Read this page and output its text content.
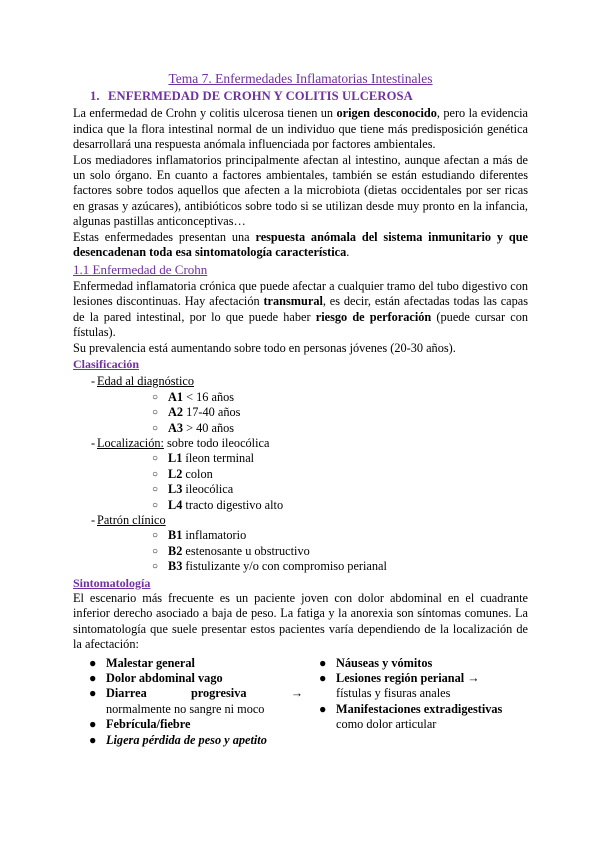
Tema 7. Enfermedades Inflamatorias Intestinales
1. ENFERMEDAD DE CROHN Y COLITIS ULCEROSA

La enfermedad de Crohn y colitis ulcerosa tienen un origen desconocido, pero la evidencia indica que la flora intestinal normal de un individuo que tiene más predisposición genética desarrollará una respuesta anómala influenciada por factores ambientales.

Los mediadores inflamatorios principalmente afectan al intestino, aunque afectan a más de un solo órgano. En cuanto a factores ambientales, también se están estudiando diferentes factores sobre todos aquellos que afecten a la microbiota (dietas occidentales por ser ricas en grasas y azúcares), antibióticos sobre todo si se utilizan desde muy pronto en la infancia, algunas pastillas anticonceptivas…

Estas enfermedades presentan una respuesta anómala del sistema inmunitario y que desencadenan toda esa sintomatología característica.

1.1 Enfermedad de Crohn

Enfermedad inflamatoria crónica que puede afectar a cualquier tramo del tubo digestivo con lesiones discontinuas. Hay afectación transmural, es decir, están afectadas todas las capas de la pared intestinal, por lo que puede haber riesgo de perforación (puede cursar con fístulas).

Su prevalencia está aumentando sobre todo en personas jóvenes (20-30 años).

Clasificación
- Edad al diagnóstico
○ A1 < 16 años
○ A2 17-40 años
○ A3 > 40 años
- Localización: sobre todo ileocólica
○ L1 íleon terminal
○ L2 colon
○ L3 ileocólica
○ L4 tracto digestivo alto
- Patrón clínico
○ B1 inflamatorio
○ B2 estenosante u obstructivo
○ B3 fistulizante y/o con compromiso perianal
Sintomatología

El escenario más frecuente es un paciente joven con dolor abdominal en el cuadrante inferior derecho asociado a baja de peso. La fatiga y la anorexia son síntomas comunes. La sintomatología que suele presentar estos pacientes varía dependiendo de la localización de la afectación:

● Malestar general
● Dolor abdominal vago
● Diarrea	progresiva	→
normalmente no sangre ni moco
● Febrícula/fiebre
● Ligera pérdida de peso y apetito
● Náuseas y vómitos
● Lesiones región perianal →
fístulas y fisuras anales
● Manifestaciones extradigestivas
como dolor articular
